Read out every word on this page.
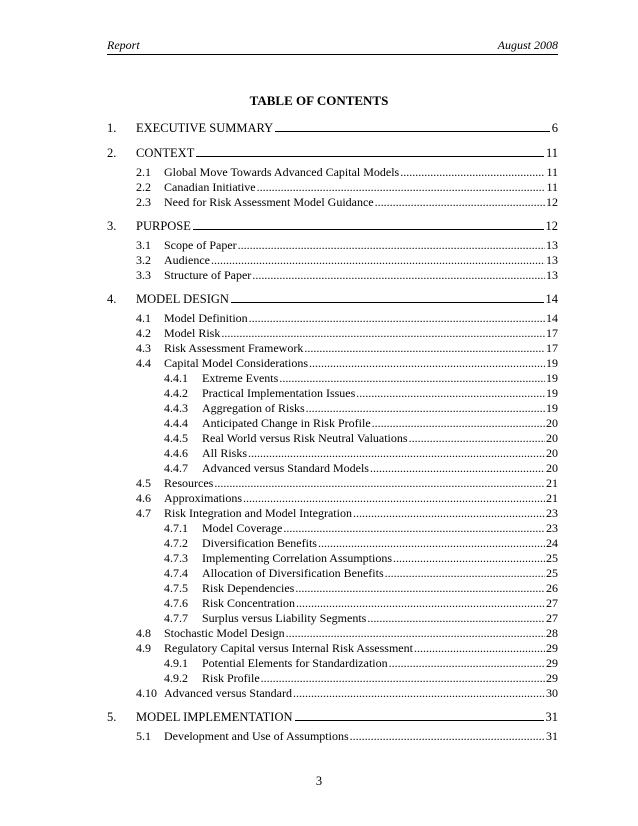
Report	August 2008
TABLE OF CONTENTS
1.	EXECUTIVE SUMMARY	6
2.	CONTEXT	11
2.1	Global Move Towards Advanced Capital Models .....	11
2.2	Canadian Initiative .....	11
2.3	Need for Risk Assessment Model Guidance .....	12
3.	PURPOSE	12
3.1	Scope of Paper .....	13
3.2	Audience .....	13
3.3	Structure of Paper .....	13
4.	MODEL DESIGN	14
4.1	Model Definition .....	14
4.2	Model Risk .....	17
4.3	Risk Assessment Framework .....	17
4.4	Capital Model Considerations .....	19
4.4.1	Extreme Events .....	19
4.4.2	Practical Implementation Issues .....	19
4.4.3	Aggregation of Risks .....	19
4.4.4	Anticipated Change in Risk Profile .....	20
4.4.5	Real World versus Risk Neutral Valuations .....	20
4.4.6	All Risks .....	20
4.4.7	Advanced versus Standard Models .....	20
4.5	Resources .....	21
4.6	Approximations .....	21
4.7	Risk Integration and Model Integration .....	23
4.7.1	Model Coverage .....	23
4.7.2	Diversification Benefits .....	24
4.7.3	Implementing Correlation Assumptions .....	25
4.7.4	Allocation of Diversification Benefits .....	25
4.7.5	Risk Dependencies .....	26
4.7.6	Risk Concentration .....	27
4.7.7	Surplus versus Liability Segments .....	27
4.8	Stochastic Model Design .....	28
4.9	Regulatory Capital versus Internal Risk Assessment .....	29
4.9.1	Potential Elements for Standardization .....	29
4.9.2	Risk Profile .....	29
4.10 Advanced versus Standard .....	30
5.	MODEL IMPLEMENTATION	31
5.1	Development and Use of Assumptions .....	31
3
